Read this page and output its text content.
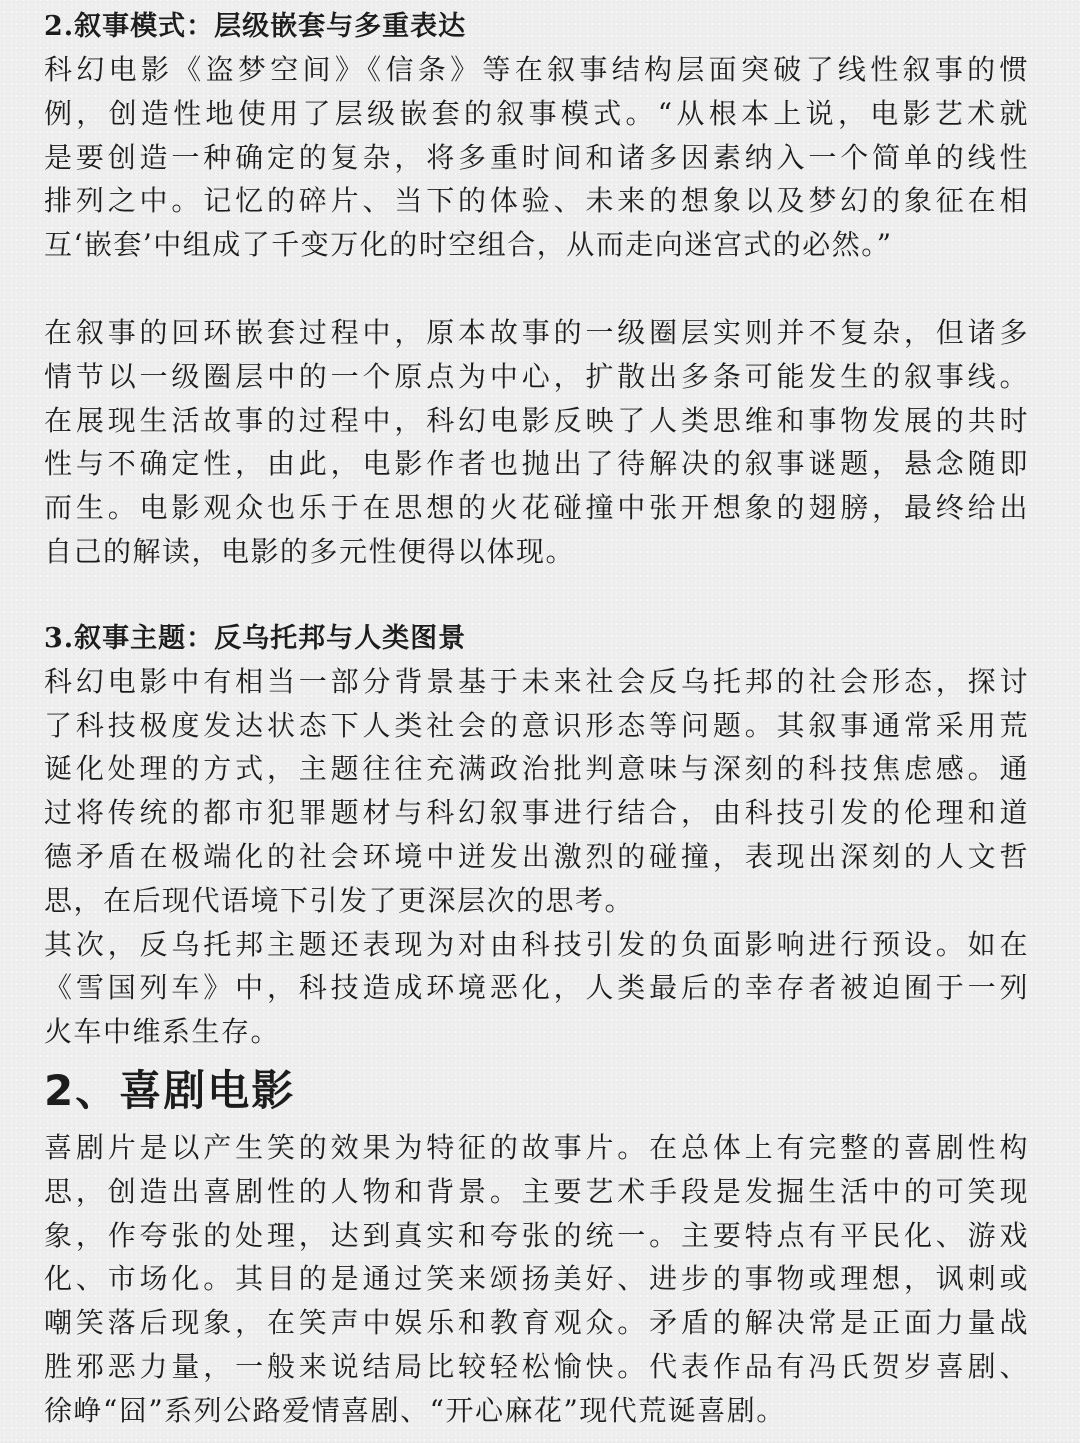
2.叙事模式：层级嵌套与多重表达
科幻电影《盗梦空间》《信条》等在叙事结构层面突破了线性叙事的惯
例，创造性地使用了层级嵌套的叙事模式。“从根本上说，电影艺术就
是要创造一种确定的复杂，将多重时间和诸多因素纳入一个简单的线性
排列之中。记忆的碎片、当下的体验、未来的想象以及梦幻的象征在相
互‘嵌套’中组成了千变万化的时空组合，从而走向迷宫式的必然。”
在叙事的回环嵌套过程中，原本故事的一级圈层实则并不复杂，但诸多
情节以一级圈层中的一个原点为中心，扩散出多条可能发生的叙事线。
在展现生活故事的过程中，科幻电影反映了人类思维和事物发展的共时
性与不确定性，由此，电影作者也抛出了待解决的叙事谜题，悬念随即
而生。电影观众也乐于在思想的火花碰撞中张开想象的翅膀，最终给出
自己的解读，电影的多元性便得以体现。
3.叙事主题：反乌托邦与人类图景
科幻电影中有相当一部分背景基于未来社会反乌托邦的社会形态，探讨
了科技极度发达状态下人类社会的意识形态等问题。其叙事通常采用荒
诞化处理的方式，主题往往充满政治批判意味与深刻的科技焦虑感。通
过将传统的都市犯罪题材与科幻叙事进行结合，由科技引发的伦理和道
德矛盾在极端化的社会环境中迸发出激烈的碰撞，表现出深刻的人文哲
思，在后现代语境下引发了更深层次的思考。
其次，反乌托邦主题还表现为对由科技引发的负面影响进行预设。如在
《雪国列车》中，科技造成环境恶化，人类最后的幸存者被迫囿于一列
火车中维系生存。
2、喜剧电影
喜剧片是以产生笑的效果为特征的故事片。在总体上有完整的喜剧性构
思，创造出喜剧性的人物和背景。主要艺术手段是发掘生活中的可笑现
象，作夸张的处理，达到真实和夸张的统一。主要特点有平民化、游戏
化、市场化。其目的是通过笑来颂扬美好、进步的事物或理想，讽刺或
嘲笑落后现象，在笑声中娱乐和教育观众。矛盾的解决常是正面力量战
胜邪恶力量，一般来说结局比较轻松愉快。代表作品有冯氏贺岁喜剧、
徐峥“囧”系列公路爱情喜剧、“开心麻花”现代荒诞喜剧。
